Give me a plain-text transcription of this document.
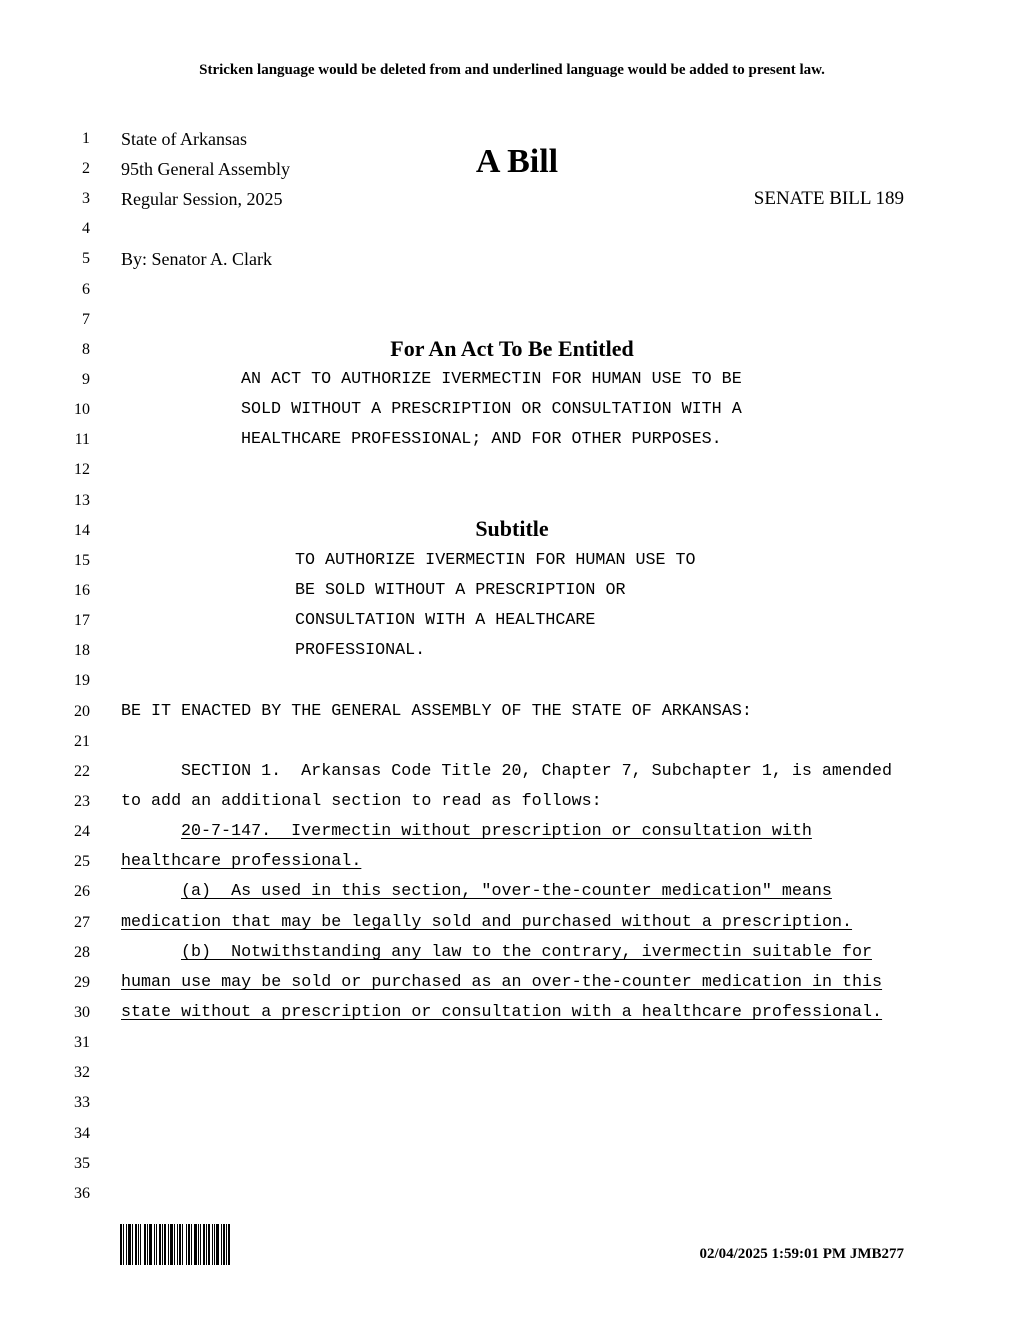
Stricken language would be deleted from and underlined language would be added to present law.
1
2
3
4
5
6
7
8
9
10
11
12
13
14
15
16
17
18
19
20
21
22
23
24
25
26
27
28
29
30
31
32
33
34
35
36
State of Arkansas
95th General Assembly
Regular Session, 2025
A Bill
SENATE BILL 189
By: Senator A. Clark
For An Act To Be Entitled
AN ACT TO AUTHORIZE IVERMECTIN FOR HUMAN USE TO BE
SOLD WITHOUT A PRESCRIPTION OR CONSULTATION WITH A
HEALTHCARE PROFESSIONAL; AND FOR OTHER PURPOSES.
Subtitle
TO AUTHORIZE IVERMECTIN FOR HUMAN USE TO
BE SOLD WITHOUT A PRESCRIPTION OR
CONSULTATION WITH A HEALTHCARE
PROFESSIONAL.
BE IT ENACTED BY THE GENERAL ASSEMBLY OF THE STATE OF ARKANSAS:
SECTION 1.  Arkansas Code Title 20, Chapter 7, Subchapter 1, is amended
to add an additional section to read as follows:
20-7-147.  Ivermectin without prescription or consultation with
healthcare professional.
(a)  As used in this section, "over-the-counter medication" means
medication that may be legally sold and purchased without a prescription.
(b)  Notwithstanding any law to the contrary, ivermectin suitable for
human use may be sold or purchased as an over-the-counter medication in this
state without a prescription or consultation with a healthcare professional.
02/04/2025 1:59:01 PM JMB277
